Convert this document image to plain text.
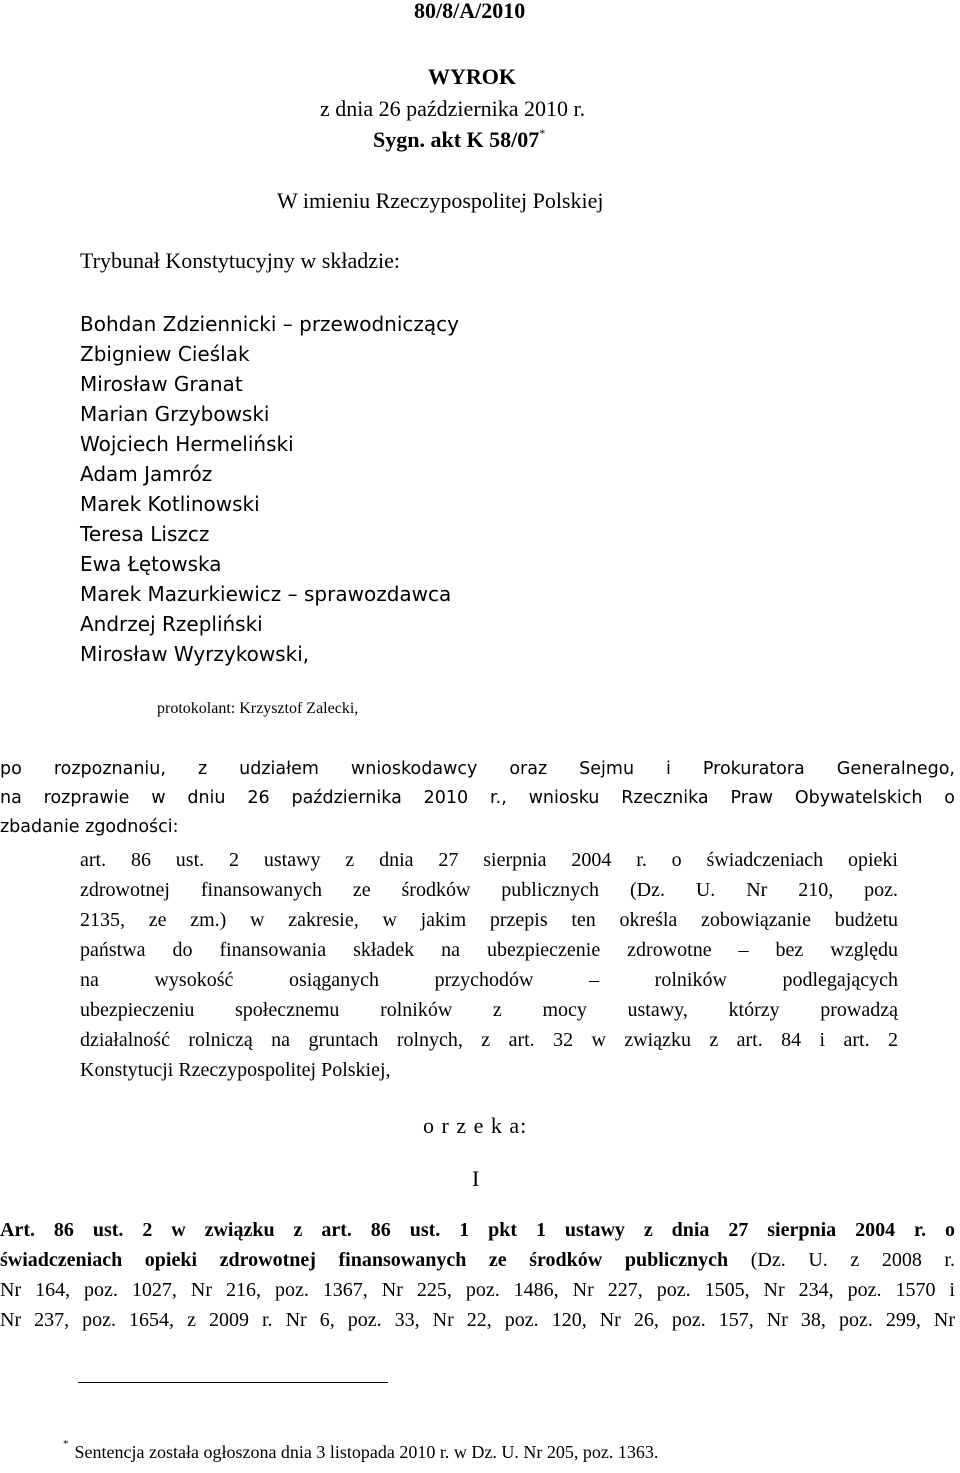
80/8/A/2010
WYROK
z dnia 26 października 2010 r.
Sygn. akt K 58/07*
W imieniu Rzeczypospolitej Polskiej
Trybunał Konstytucyjny w składzie:
Bohdan Zdziennicki – przewodniczący
Zbigniew Cieślak
Mirosław Granat
Marian Grzybowski
Wojciech Hermeliński
Adam Jamróz
Marek Kotlinowski
Teresa Liszcz
Ewa Łętowska
Marek Mazurkiewicz – sprawozdawca
Andrzej Rzepliński
Mirosław Wyrzykowski,
protokolant: Krzysztof Zalecki,
po rozpoznaniu, z udziałem wnioskodawcy oraz Sejmu i Prokuratora Generalnego,
na rozprawie w dniu 26 października 2010 r., wniosku Rzecznika Praw Obywatelskich o
zbadanie zgodności:
art. 86 ust. 2 ustawy z dnia 27 sierpnia 2004 r. o świadczeniach opieki
zdrowotnej finansowanych ze środków publicznych (Dz. U. Nr 210, poz.
2135, ze zm.) w zakresie, w jakim przepis ten określa zobowiązanie budżetu
państwa do finansowania składek na ubezpieczenie zdrowotne – bez względu
na wysokość osiąganych przychodów – rolników podlegających
ubezpieczeniu społecznemu rolników z mocy ustawy, którzy prowadzą
działalność rolniczą na gruntach rolnych, z art. 32 w związku z art. 84 i art. 2
Konstytucji Rzeczypospolitej Polskiej,
o r z e k a:
I
Art. 86 ust. 2 w związku z art. 86 ust. 1 pkt 1 ustawy z dnia 27 sierpnia 2004 r. o
świadczeniach opieki zdrowotnej finansowanych ze środków publicznych (Dz. U. z 2008 r.
Nr 164, poz. 1027, Nr 216, poz. 1367, Nr 225, poz. 1486, Nr 227, poz. 1505, Nr 234, poz. 1570 i
Nr 237, poz. 1654, z 2009 r. Nr 6, poz. 33, Nr 22, poz. 120, Nr 26, poz. 157, Nr 38, poz. 299, Nr
* Sentencja została ogłoszona dnia 3 listopada 2010 r. w Dz. U. Nr 205, poz. 1363.
